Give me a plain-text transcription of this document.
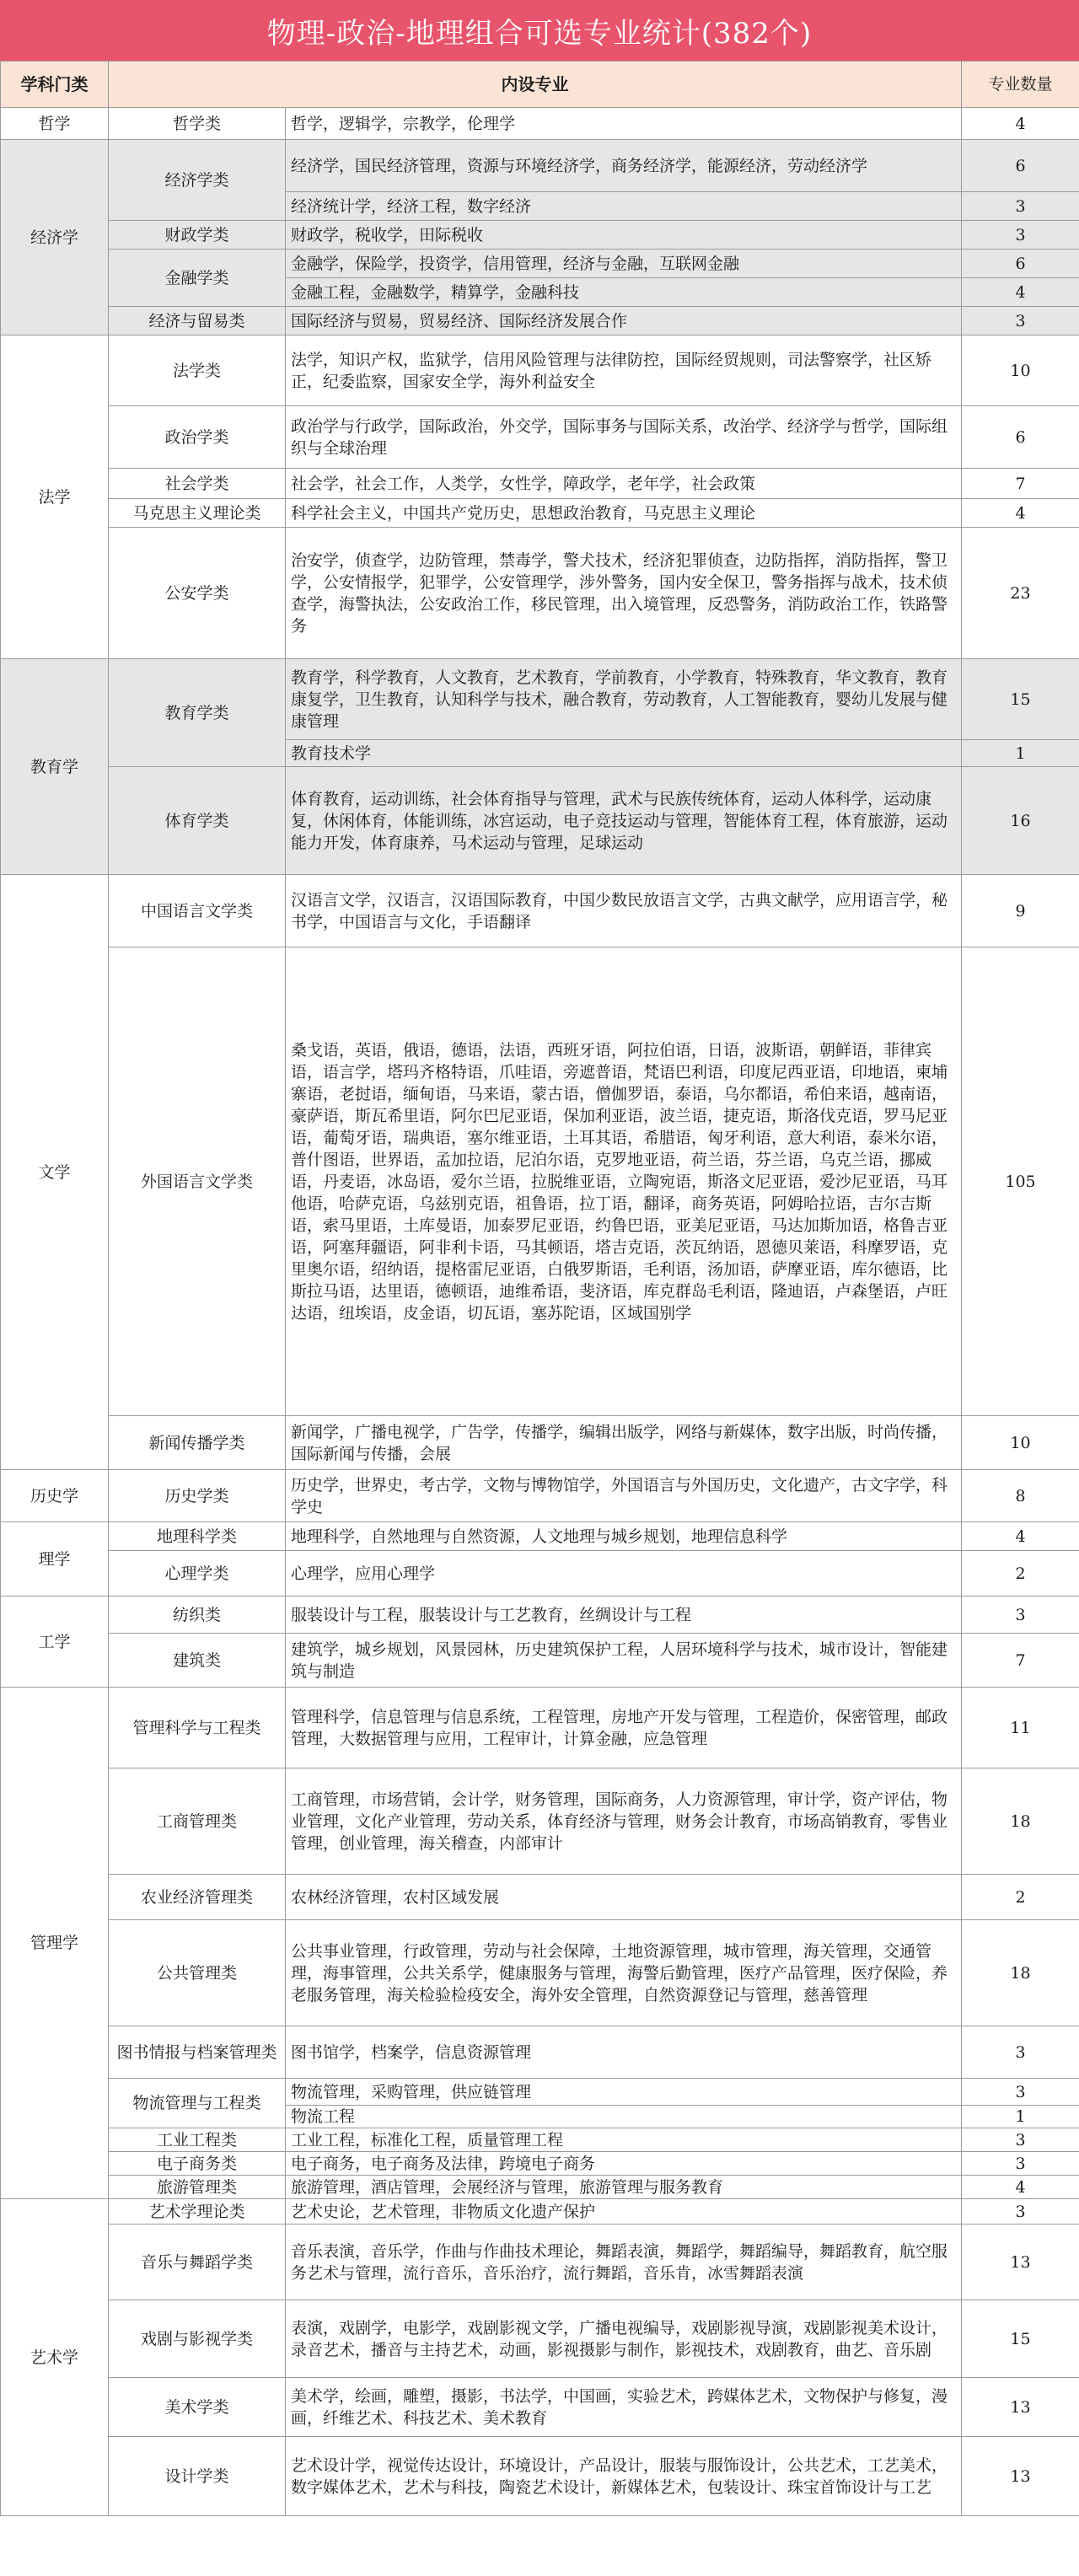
物理-政治-地理组合可选专业统计(382个)
学科门类	内设专业		专业数量
哲学	哲学类	哲学，逻辑学，宗教学，伦理学	4
经济学	经济学类	经济学，国民经济管理，资源与环境经济学，商务经济学，能源经济，劳动经济学	6
		经济统计学，经济工程，数字经济	3
	财政学类	财政学，税收学，田际税收	3
	金融学类	金融学，保险学，投资学，信用管理，经济与金融，互联网金融	6
		金融工程，金融数学，精算学，金融科技	4
	经济与留易类	国际经济与贸易，贸易经济、国际经济发展合作	3
法学	法学类	法学，知识产权，监狱学，信用风险管理与法律防控，国际经贸规则，司法警察学，社区矫正，纪委监察，国家安全学，海外利益安全	10
	政治学类	政治学与行政学，国际政治，外交学，国际事务与国际关系，改治学、经济学与哲学，国际组织与全球治理	6
	社会学类	社会学，社会工作，人类学，女性学，障政学，老年学，社会政策	7
	马克思主义理论类	科学社会主义，中国共产党历史，思想政治教育，马克思主义理论	4
	公安学类	治安学，侦查学，边防管理，禁毒学，警犬技术，经济犯罪侦查，边防指挥，消防指挥，警卫学，公安情报学，犯罪学，公安管理学，涉外警务，国内安全保卫，警务指挥与战术，技术侦查学，海警执法，公安政治工作，移民管理，出入境管理，反恐警务，消防政治工作，铁路警务	23
教育学	教育学类	教育学，科学教育，人文教育，艺术教育，学前教育，小学教育，特殊教育，华文教育，教育康复学，卫生教育，认知科学与技术，融合教育，劳动教育，人工智能教育，婴幼儿发展与健康管理	15
		教育技术学	1
	体育学类	体育教育，运动训练，社会体育指导与管理，武术与民族传统体育，运动人体科学，运动康复，休闲体育，体能训练，冰宫运动，电子竞技运动与管理，智能体育工程，体育旅游，运动能力开发，体育康养，马术运动与管理，足球运动	16
文学	中国语言文学类	汉语言文学，汉语言，汉语国际教育，中国少数民放语言文学，古典文献学，应用语言学，秘书学，中国语言与文化，手语翻译	9
	外国语言文学类	桑戈语，英语，俄语，德语，法语，西班牙语，阿拉伯语，日语，波斯语，朝鲜语，菲律宾语，语言学，塔玛齐格特语，爪哇语，旁遮普语，梵语巴利语，印度尼西亚语，印地语，柬埔寨语，老挝语，缅甸语，马来语，蒙古语，僧伽罗语，泰语，乌尔都语，希伯来语，越南语，豪萨语，斯瓦希里语，阿尔巴尼亚语，保加利亚语，波兰语，捷克语，斯洛伐克语，罗马尼亚语，葡萄牙语，瑞典语，塞尔维亚语，土耳其语，希腊语，匈牙利语，意大利语，泰米尔语，普什图语，世界语，孟加拉语，尼泊尔语，克罗地亚语，荷兰语，芬兰语，乌克兰语，挪威语，丹麦语，冰岛语，爱尔兰语，拉脱维亚语，立陶宛语，斯洛文尼亚语，爱沙尼亚语，马耳他语，哈萨克语，乌兹别克语，祖鲁语，拉丁语，翻译，商务英语，阿姆哈拉语，吉尔吉斯语，索马里语，土库曼语，加泰罗尼亚语，约鲁巴语，亚美尼亚语，马达加斯加语，格鲁吉亚语，阿塞拜疆语，阿非利卡语，马其顿语，塔吉克语，茨瓦纳语，恩德贝莱语，科摩罗语，克里奥尔语，绍纳语，提格雷尼亚语，白俄罗斯语，毛利语，汤加语，萨摩亚语，库尔德语，比斯拉马语，达里语，德顿语，迪维希语，斐济语，库克群岛毛利语，隆迪语，卢森堡语，卢旺达语，纽埃语，皮金语，切瓦语，塞苏陀语，区域国别学	105
	新闻传播学类	新闻学，广播电视学，广告学，传播学，编辑出版学，网络与新媒体，数字出版，时尚传播，国际新闻与传播，会展	10
历史学	历史学类	历史学，世界史，考古学，文物与博物馆学，外国语言与外国历史，文化遗产，古文字学，科学史	8
理学	地理科学类	地理科学，自然地理与自然资源，人文地理与城乡规划，地理信息科学	4
	心理学类	心理学，应用心理学	2
工学	纺织类	服装设计与工程，服装设计与工艺教育，丝绸设计与工程	3
	建筑类	建筑学，城乡规划，风景园林，历史建筑保护工程，人居环境科学与技术，城市设计，智能建筑与制造	7
管理学	管理科学与工程类	管理科学，信息管理与信息系统，工程管理，房地产开发与管理，工程造价，保密管理，邮政管理，大数据管理与应用，工程审计，计算金融，应急管理	11
	工商管理类	工商管理，市场营销，会计学，财务管理，国际商务，人力资源管理，审计学，资产评估，物业管理，文化产业管理，劳动关系，体育经济与管理，财务会计教育，市场高销教育，零售业管理，创业管理，海关稽查，内部审计	18
	农业经济管理类	农林经济管理，农村区域发展	2
	公共管理类	公共事业管理，行政管理，劳动与社会保障，土地资源管理，城市管理，海关管理，交通管理，海事管理，公共关系学，健康服务与管理，海警后勤管理，医疗产品管理，医疗保险，养老服务管理，海关检验检疫安全，海外安全管理，自然资源登记与管理，慈善管理	18
	图书情报与档案管理类	图书馆学，档案学，信息资源管理	3
	物流管理与工程类	物流管理，采购管理，供应链管理	3
		物流工程	1
	工业工程类	工业工程，标准化工程，质量管理工程	3
	电子商务类	电子商务，电子商务及法律，跨境电子商务	3
	旅游管理类	旅游管理，酒店管理，会展经济与管理，旅游管理与服务教育	4
艺术学	艺术学理论类	艺术史论，艺术管理，非物质文化遗产保护	3
	音乐与舞蹈学类	音乐表演，音乐学，作曲与作曲技术理论，舞蹈表演，舞蹈学，舞蹈编导，舞蹈教育，航空服务艺术与管理，流行音乐，音乐治疗，流行舞蹈，音乐肯，冰雪舞蹈表演	13
	戏剧与影视学类	表演，戏剧学，电影学，戏剧影视文学，广播电视编导，戏剧影视导演，戏剧影视美术设计，录音艺术，播音与主持艺术，动画，影视摄影与制作，影视技术，戏剧教育，曲艺、音乐剧	15
	美术学类	美术学，绘画，雕塑，摄影，书法学，中国画，实验艺术，跨媒体艺术，文物保护与修复，漫画，纤维艺术、科技艺术、美术教育	13
	设计学类	艺术设计学，视觉传达设计，环境设计，产品设计，服装与服饰设计，公共艺术，工艺美术，数字媒体艺术，艺术与科技，陶瓷艺术设计，新媒体艺术，包装设计、珠宝首饰设计与工艺	13
